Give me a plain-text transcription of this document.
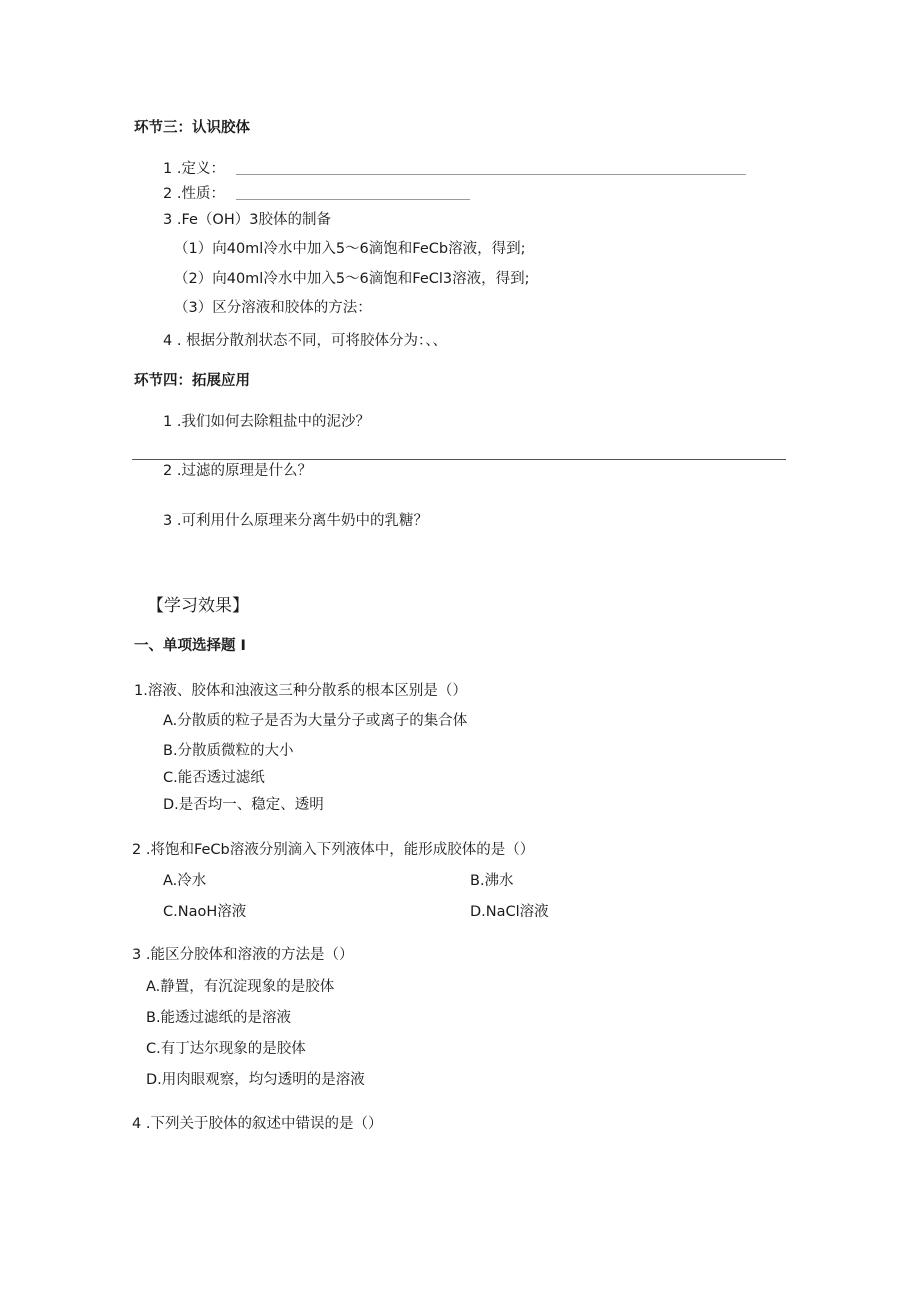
环节三：认识胶体
1 .定义：
2 .性质：
3 .Fe（OH）3胶体的制备
（1）向40ml冷水中加入5～6滴饱和FeCb溶液，得到;
（2）向40ml冷水中加入5～6滴饱和FeCl3溶液，得到;
（3）区分溶液和胶体的方法：
4 . 根据分散剂状态不同，可将胶体分为：、、
环节四：拓展应用
1 .我们如何去除粗盐中的泥沙？
2 .过滤的原理是什么？
3 .可利用什么原理来分离牛奶中的乳糖？
【学习效果】
一、单项选择题 I
1.溶液、胶体和浊液这三种分散系的根本区别是（）
A.分散质的粒子是否为大量分子或离子的集合体
B.分散质微粒的大小
C.能否透过滤纸
D.是否均一、稳定、透明
2 .将饱和FeCb溶液分别滴入下列液体中，能形成胶体的是（）
A.冷水	B.沸水
C.NaoH溶液	D.NaCl溶液
3 .能区分胶体和溶液的方法是（）
A.静置，有沉淀现象的是胶体
B.能透过滤纸的是溶液
C.有丁达尔现象的是胶体
D.用肉眼观察，均匀透明的是溶液
4 .下列关于胶体的叙述中错误的是（）
